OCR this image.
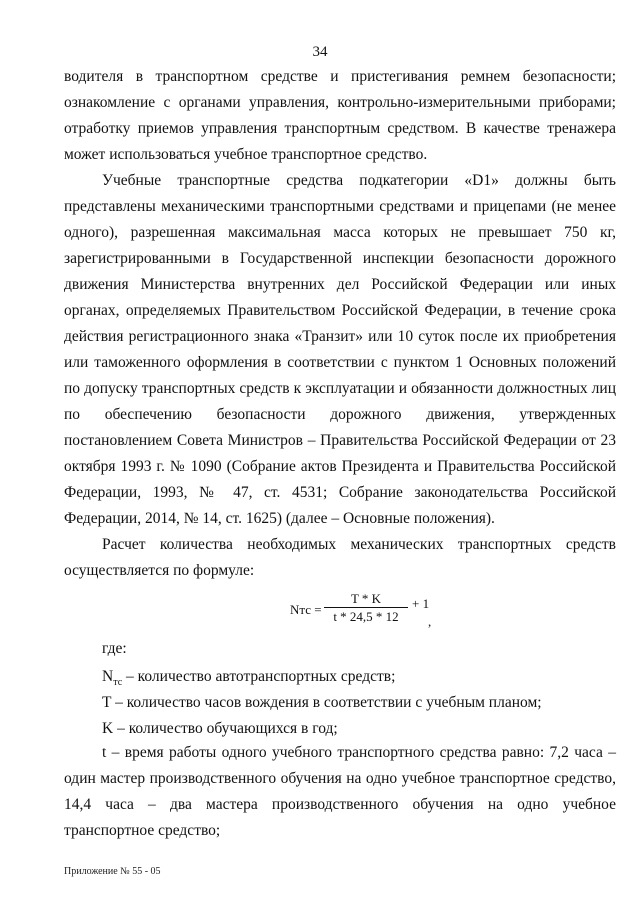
34

водителя в транспортном средстве и пристегивания ремнем безопасности; ознакомление с органами управления, контрольно-измерительными приборами; отработку приемов управления транспортным средством. В качестве тренажера может использоваться учебное транспортное средство.

Учебные транспортные средства подкатегории «D1» должны быть представлены механическими транспортными средствами и прицепами (не менее одного), разрешенная максимальная масса которых не превышает 750 кг, зарегистрированными в Государственной инспекции безопасности дорожного движения Министерства внутренних дел Российской Федерации или иных органах, определяемых Правительством Российской Федерации, в течение срока действия регистрационного знака «Транзит» или 10 суток после их приобретения или таможенного оформления в соответствии с пунктом 1 Основных положений по допуску транспортных средств к эксплуатации и обязанности должностных лиц по обеспечению безопасности дорожного движения, утвержденных постановлением Совета Министров – Правительства Российской Федерации от 23 октября 1993 г. № 1090 (Собрание актов Президента и Правительства Российской Федерации, 1993, № 47, ст. 4531; Собрание законодательства Российской Федерации, 2014, № 14, ст. 1625) (далее – Основные положения).

Расчет количества необходимых механических транспортных средств осуществляется по формуле:

Nтс = $\frac{T * K}{t * 24,5 * 12} + 1$
,
где:
$N_{тс}$ – количество автотранспортных средств;
T – количество часов вождения в соответствии с учебным планом;
K – количество обучающихся в год;
t – время работы одного учебного транспортного средства равно: 7,2 часа – один мастер производственного обучения на одно учебное транспортное средство, 14,4 часа – два мастера производственного обучения на одно учебное транспортное средство;
Приложение № 55 - 05
